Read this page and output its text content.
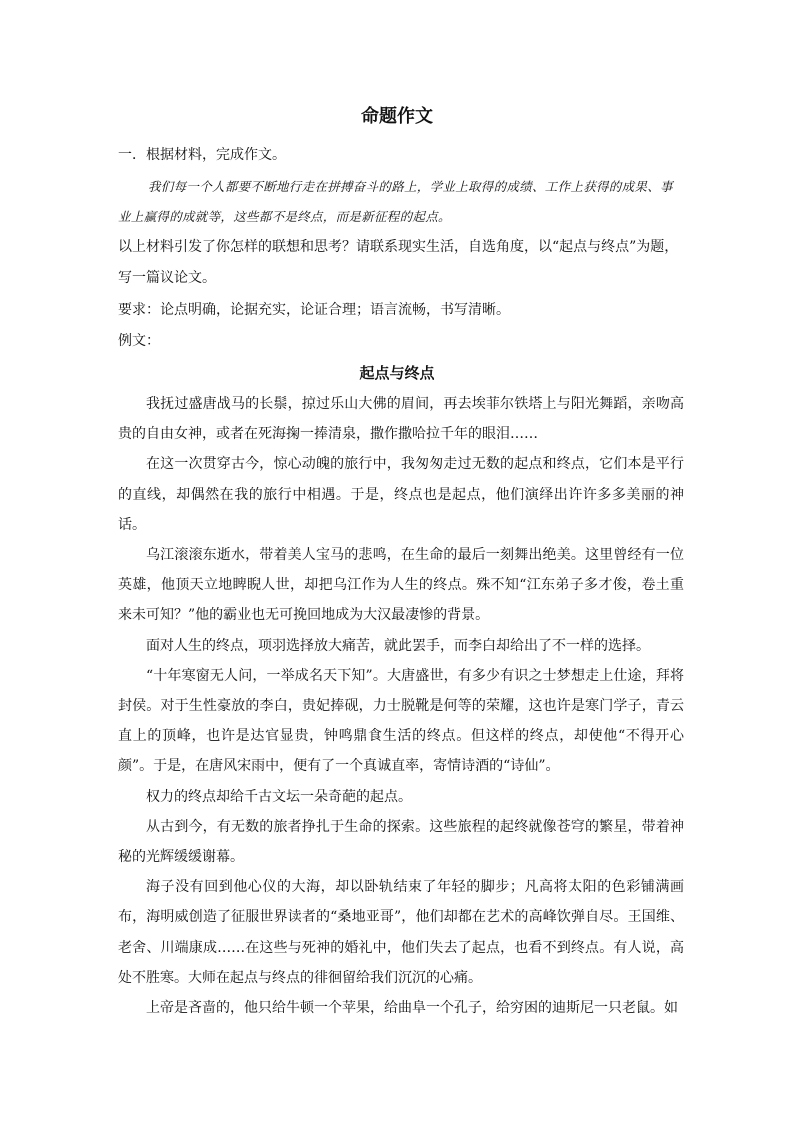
命题作文
一．根据材料，完成作文。
我们每一个人都要不断地行走在拼搏奋斗的路上，学业上取得的成绩、工作上获得的成果、事业上赢得的成就等，这些都不是终点，而是新征程的起点。
以上材料引发了你怎样的联想和思考？请联系现实生活，自选角度，以“起点与终点”为题，写一篇议论文。
要求：论点明确，论据充实，论证合理；语言流畅，书写清晰。
例文：
起点与终点

我抚过盛唐战马的长鬃，掠过乐山大佛的眉间，再去埃菲尔铁塔上与阳光舞蹈，亲吻高贵的自由女神，或者在死海掬一捧清泉，撒作撒哈拉千年的眼泪……

在这一次贯穿古今，惊心动魄的旅行中，我匆匆走过无数的起点和终点，它们本是平行的直线，却偶然在我的旅行中相遇。于是，终点也是起点，他们演绎出许许多多美丽的神话。

乌江滚滚东逝水，带着美人宝马的悲鸣，在生命的最后一刻舞出绝美。这里曾经有一位英雄，他顶天立地睥睨人世，却把乌江作为人生的终点。殊不知“江东弟子多才俊，卷土重来未可知？”他的霸业也无可挽回地成为大汉最凄惨的背景。

面对人生的终点，项羽选择放大痛苦，就此罢手，而李白却给出了不一样的选择。

“十年寒窗无人问，一举成名天下知”。大唐盛世，有多少有识之士梦想走上仕途，拜将封侯。对于生性豪放的李白，贵妃捧砚，力士脱靴是何等的荣耀，这也许是寒门学子，青云直上的顶峰，也许是达官显贵，钟鸣鼎食生活的终点。但这样的终点，却使他“不得开心颜”。于是，在唐风宋雨中，便有了一个真诚直率，寄情诗酒的“诗仙”。

权力的终点却给千古文坛一朵奇葩的起点。

从古到今，有无数的旅者挣扎于生命的探索。这些旅程的起终就像苍穹的繁星，带着神秘的光辉缓缓谢幕。

海子没有回到他心仪的大海，却以卧轨结束了年轻的脚步；凡高将太阳的色彩铺满画布，海明威创造了征服世界读者的“桑地亚哥”，他们却都在艺术的高峰饮弹自尽。王国维、老舍、川端康成……在这些与死神的婚礼中，他们失去了起点，也看不到终点。有人说，高处不胜寒。大师在起点与终点的徘徊留给我们沉沉的心痛。

上帝是吝啬的，他只给牛顿一个苹果，给曲阜一个孔子，给穷困的迪斯尼一只老鼠。如
